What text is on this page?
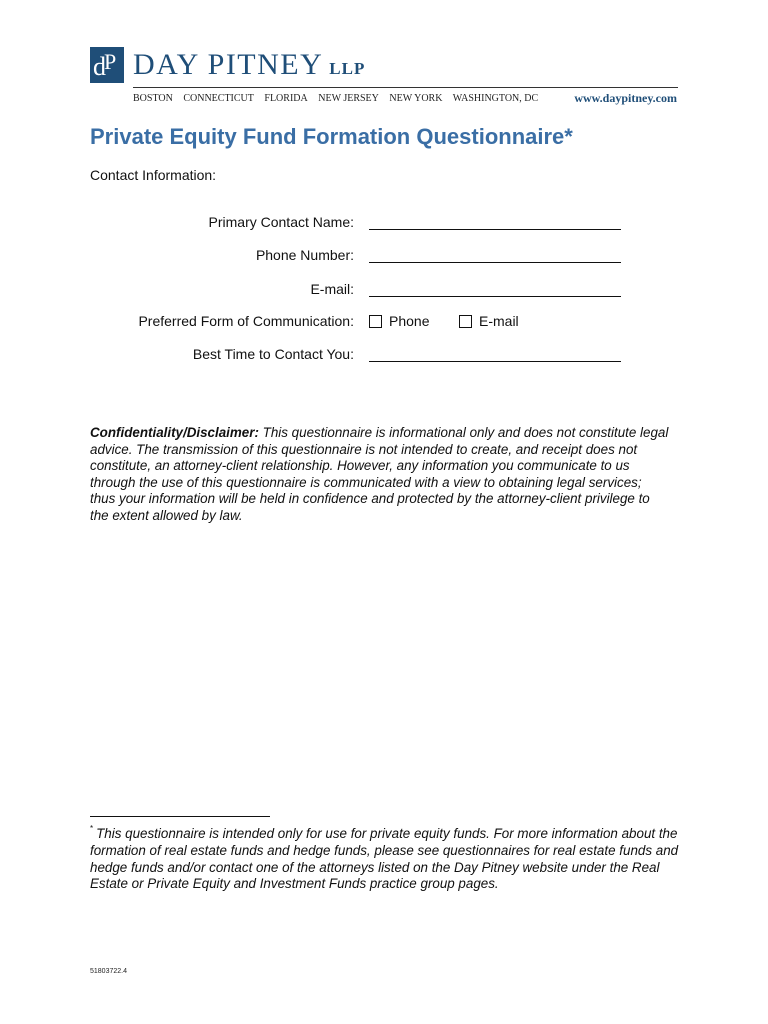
d
P DAY PITNEY LLP
BOSTON CONNECTICUT FLORIDA NEW JERSEY NEW YORK WASHINGTON, DC	www.daypitney.com
Private Equity Fund Formation Questionnaire*
Contact Information:
Primary Contact Name:
Phone Number:
E-mail:
Preferred Form of Communication:	Phone	E-mail
Best Time to Contact You:
Confidentiality/Disclaimer: This questionnaire is informational only and does not constitute legal advice. The transmission of this questionnaire is not intended to create, and receipt does not constitute, an attorney-client relationship. However, any information you communicate to us through the use of this questionnaire is communicated with a view to obtaining legal services; thus your information will be held in confidence and protected by the attorney-client privilege to the extent allowed by law.
* This questionnaire is intended only for use for private equity funds. For more information about the formation of real estate funds and hedge funds, please see questionnaires for real estate funds and hedge funds and/or contact one of the attorneys listed on the Day Pitney website under the Real Estate or Private Equity and Investment Funds practice group pages.
51803722.4
